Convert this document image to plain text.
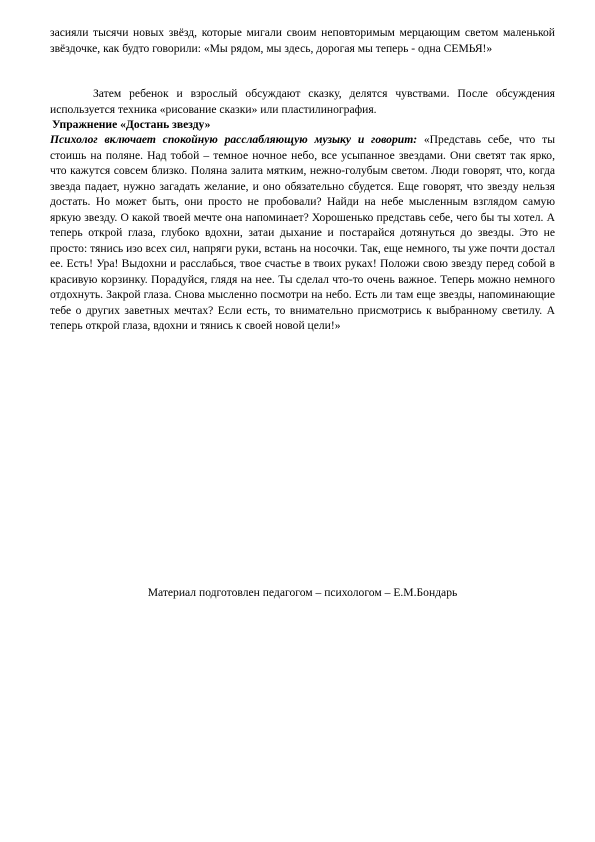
засияли тысячи новых звёзд, которые мигали своим неповторимым мерцающим светом маленькой звёздочке, как будто говорили: «Мы рядом, мы здесь, дорогая мы теперь - одна СЕМЬЯ!»

Затем ребенок и взрослый обсуждают сказку, делятся чувствами. После обсуждения используется техника «рисование сказки» или пластилинография.

Упражнение «Достань звезду»

Психолог включает спокойную расслабляющую музыку и говорит: «Представь себе, что ты стоишь на поляне. Над тобой – темное ночное небо, все усыпанное звездами. Они светят так ярко, что кажутся совсем близко. Поляна залита мятким, нежно-голубым светом. Люди говорят, что, когда звезда падает, нужно загадать желание, и оно обязательно сбудется. Еще говорят, что звезду нельзя достать. Но может быть, они просто не пробовали? Найди на небе мысленным взглядом самую яркую звезду. О какой твоей мечте она напоминает? Хорошенько представь себе, чего бы ты хотел. А теперь открой глаза, глубоко вдохни, затаи дыхание и постарайся дотянуться до звезды. Это не просто: тянись изо всех сил, напряги руки, встань на носочки. Так, еще немного, ты уже почти достал ее. Есть! Ура! Выдохни и расслабься, твое счастье в твоих руках! Положи свою звезду перед собой в красивую корзинку. Порадуйся, глядя на нее. Ты сделал что-то очень важное. Теперь можно немного отдохнуть. Закрой глаза. Снова мысленно посмотри на небо. Есть ли там еще звезды, напоминающие тебе о других заветных мечтах? Если есть, то внимательно присмотрись к выбранному светилу. А теперь открой глаза, вдохни и тянись к своей новой цели!»

Материал подготовлен педагогом – психологом – Е.М.Бондарь
